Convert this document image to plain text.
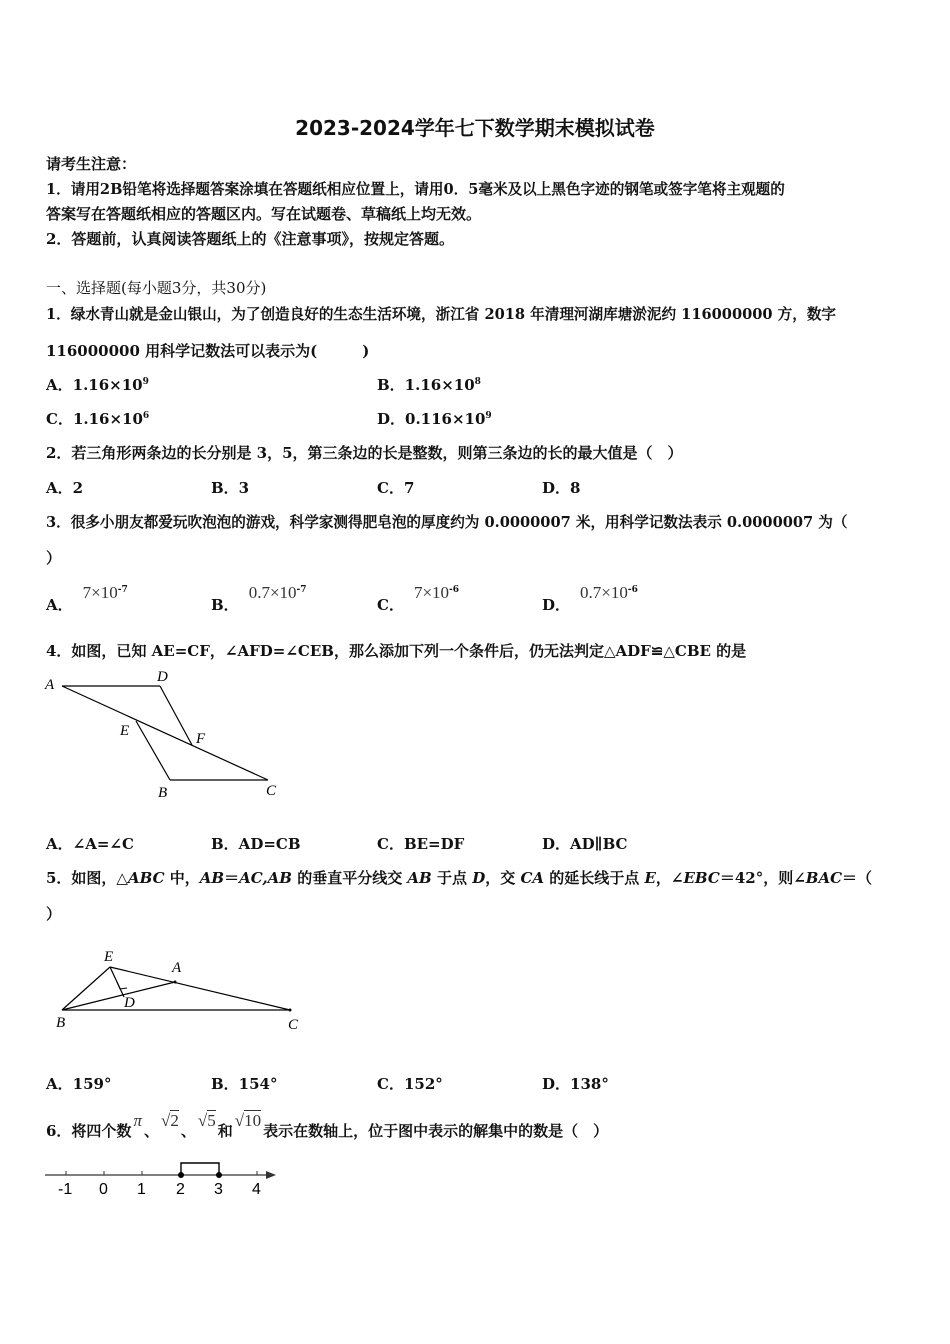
2023-2024学年七下数学期末模拟试卷
请考生注意：
1．请用2B铅笔将选择题答案涂填在答题纸相应位置上，请用0．5毫米及以上黑色字迹的钢笔或签字笔将主观题的
答案写在答题纸相应的答题区内。写在试题卷、草稿纸上均无效。
2．答题前，认真阅读答题纸上的《注意事项》，按规定答题。
一、选择题(每小题3分，共30分)
1．绿水青山就是金山银山，为了创造良好的生态生活环境，浙江省 2018 年清理河湖库塘淤泥约 116000000 方，数字
116000000 用科学记数法可以表示为(　　　)
A．$1.16\times 10^9$	B．$1.16\times 10^8$
C．$1.16\times 10^6$	D．$0.116\times 10^9$
2．若三角形两条边的长分别是 3，5，第三条边的长是整数，则第三条边的长的最大值是（　）
A．2	B．3	C．7	D．8
3．很多小朋友都爱玩吹泡泡的游戏，科学家测得肥皂泡的厚度约为 0.0000007 米，用科学记数法表示 0.0000007 为（
）
A．$7\times 10^{-7}$
B．$0.7\times 10^{-7}$
C．$7\times 10^{-6}$
D．$0.7\times 10^{-6}$
4．如图，已知 AE=CF，∠AFD=∠CEB，那么添加下列一个条件后，仍无法判定△ADF≌△CBE 的是
A	D
E	F
B	C
A．∠A=∠C	B．AD=CB	C．BE=DF	D．AD∥BC
5．如图，△ABC 中，AB＝AC,AB 的垂直平分线交 AB 于点 D，交 CA 的延长线于点 E，∠EBC＝42°，则∠BAC＝（
）
E
A
D
B	C
A．159°	B．154°	C．152°	D．138°
6．将四个数π、√2、√5和√10表示在数轴上，位于图中表示的解集中的数是（　）
-1 0 1 2 3 4
